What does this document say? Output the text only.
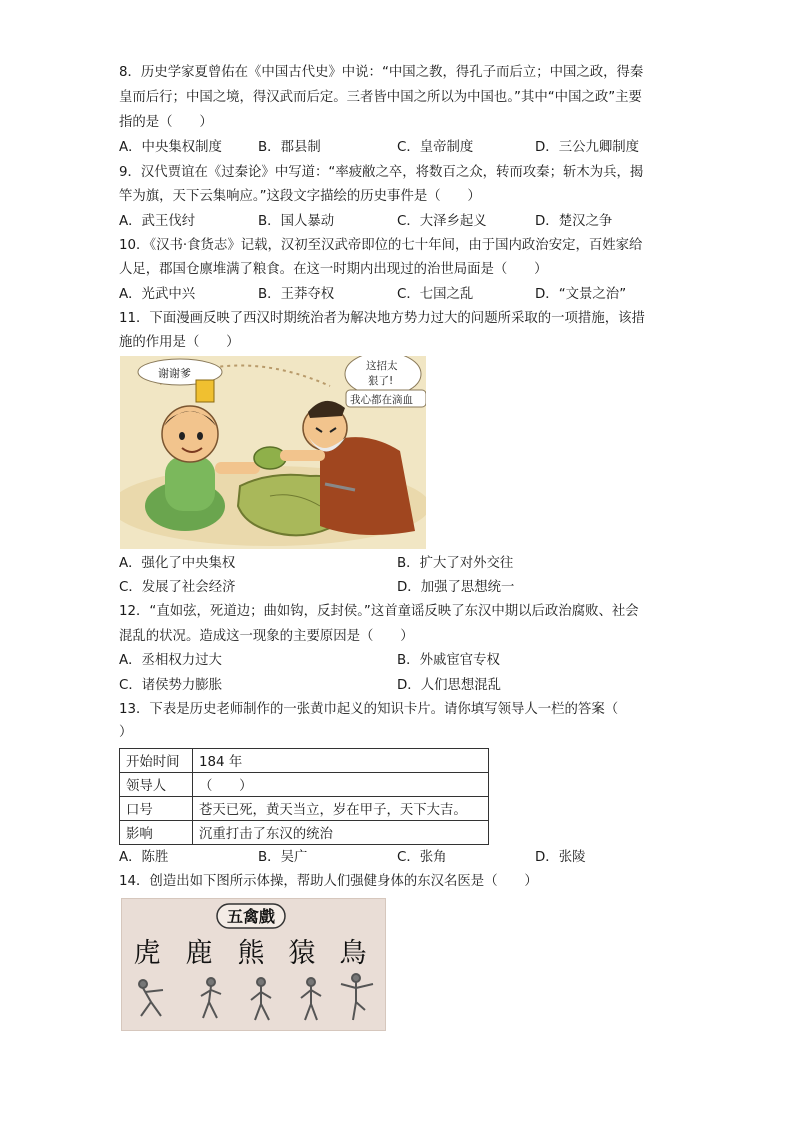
8．历史学家夏曾佑在《中国古代史》中说：“中国之教，得孔子而后立；中国之政，得秦
皇而后行；中国之境，得汉武而后定。三者皆中国之所以为中国也。”其中“中国之政”主要
指的是（　　）
A．中央集权制度	B．郡县制	C．皇帝制度	D．三公九卿制度
9．汉代贾谊在《过秦论》中写道：“率疲敝之卒，将数百之众，转而攻秦；斩木为兵，揭
竿为旗，天下云集响应。”这段文字描绘的历史事件是（　　）
A．武王伐纣	B．国人暴动	C．大泽乡起义	D．楚汉之争
10．《汉书·食货志》记载，汉初至汉武帝即位的七十年间，由于国内政治安定，百姓家给
人足，郡国仓廪堆满了粮食。在这一时期内出现过的治世局面是（　　）
A．光武中兴	B．王莽夺权	C．七国之乱	D．“文景之治”
11．下面漫画反映了西汉时期统治者为解决地方势力过大的问题所采取的一项措施，该措
施的作用是（　　）
谢谢爹
这招太
狠了!
我心都在滴血
A．强化了中央集权	B．扩大了对外交往
C．发展了社会经济	D．加强了思想统一
12．“直如弦，死道边；曲如钩，反封侯。”这首童谣反映了东汉中期以后政治腐败、社会
混乱的状况。造成这一现象的主要原因是（　　）
A．丞相权力过大	B．外戚宦官专权
C．诸侯势力膨胀	D．人们思想混乱
13．下表是历史老师制作的一张黄巾起义的知识卡片。请你填写领导人一栏的答案（
）
开始时间	184 年
领导人	（　　）
口号	苍天已死，黄天当立，岁在甲子，天下大吉。
影响	沉重打击了东汉的统治
A．陈胜	B．吴广	C．张角	D．张陵
14．创造出如下图所示体操，帮助人们强健身体的东汉名医是（　　）
五禽戲
虎 鹿 熊 猿 鳥
